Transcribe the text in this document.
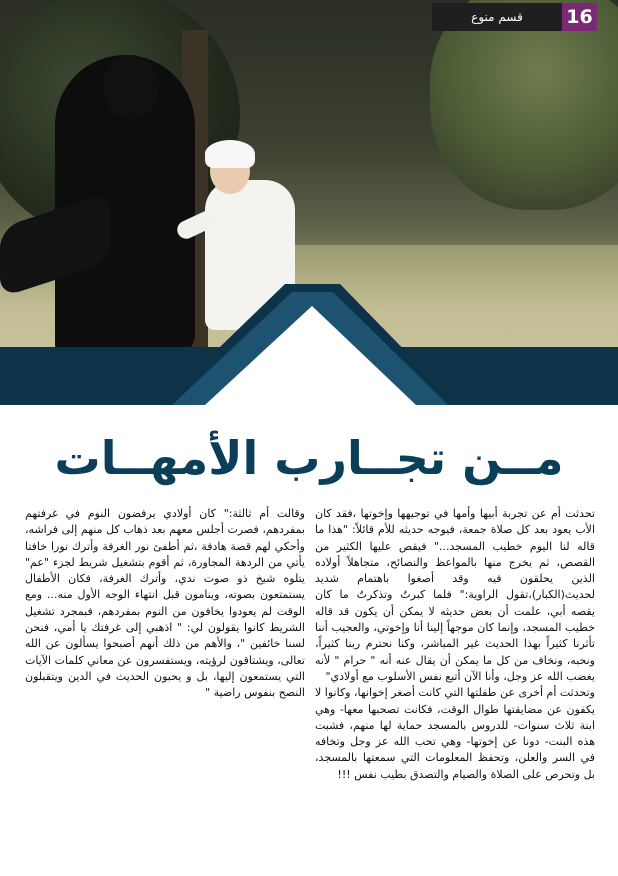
قسم منوع	16
مــن تجــارب الأمهــات

تحدثت أم عن تجربة أبيها وأمها في توجيهها وإخوتها ،فقد كان الأب يعود بعد كل صلاة جمعة، فيوجه حديثه للأم قائلاً: "هذا ما قاله لنا اليوم خطيب المسجد..." فيقص عليها الكثير من القصص، ثم يخرج منها بالمواعظ والنصائح، متجاهلاً أولاده الذين يحلقون فيه وقد أصغوا باهتمام شديد لحديث(الكبار)،تقول الراوية:" فلما كبرتُ وتذكرتُ ما كان يقصه أبي، علمت أن بعض حديثه لا يمكن أن يكون قد قاله خطيب المسجد، وإنما كان موجهاً إلينا أنا وإخوتي، والعجيب أننا تأثرنا كثيراً بهذا الحديث غير المباشر، وكنا نحترم ربنا كثيراً، ونحبه، ونخاف من كل ما يمكن أن يقال عنه أنه " حرام " لأنه يغضب الله عز وجل، وأنا الآن أتبع نفس الأسلوب مع أولادي"

وتحدثت أم أخرى عن طفلتها التي كانت أصغر إخوانها، وكانوا لا يكفون عن مضايقتها طوال الوقت، فكانت تصحبها معها- وهي ابنة ثلاث سنوات- للدروس بالمسجد حماية لها منهم، فشبت هذه البنت- دونا عن إخوتها- وهي تحب الله عز وجل وتخافه في السر والعلن، وتحفظ المعلومات التي سمعتها بالمسجد، بل وتحرص على الصلاة والصيام والتصدق بطيب نفس !!!

وقالت أم ثالثة:" كان أولادي يرفضون النوم في غرفتهم بمفردهم، فصرت أجلس معهم بعد ذهاب كل منهم إلى فراشه، وأحكي لهم قصة هادفة ،ثم أطفئ نور الغرفة وأترك نورا خافتا يأتي من الردهة المجاورة، ثم أقوم بتشغيل شريط لجزء "عم" يتلوه شيخ ذو صوت ندي، وأترك الغرفة، فكان الأطفال يستمتعون بصوته، وينامون قبل انتهاء الوجه الأول منه... ومع الوقت لم يعودوا يخافون من النوم بمفردهم، فبمجرد تشغيل الشريط كانوا يقولون لي: " اذهبي إلى غرفتك يا أمي، فنحن لسنا خائفين "، والأهم من ذلك أنهم أصبحوا يسألون عن الله تعالى، ويشتاقون لرؤيته، ويستفسرون عن معاني كلمات الآيات التي يستمعون إليها، بل و يحبون الحديث في الدين ويتقبلون النصح بنفوس راضية "
